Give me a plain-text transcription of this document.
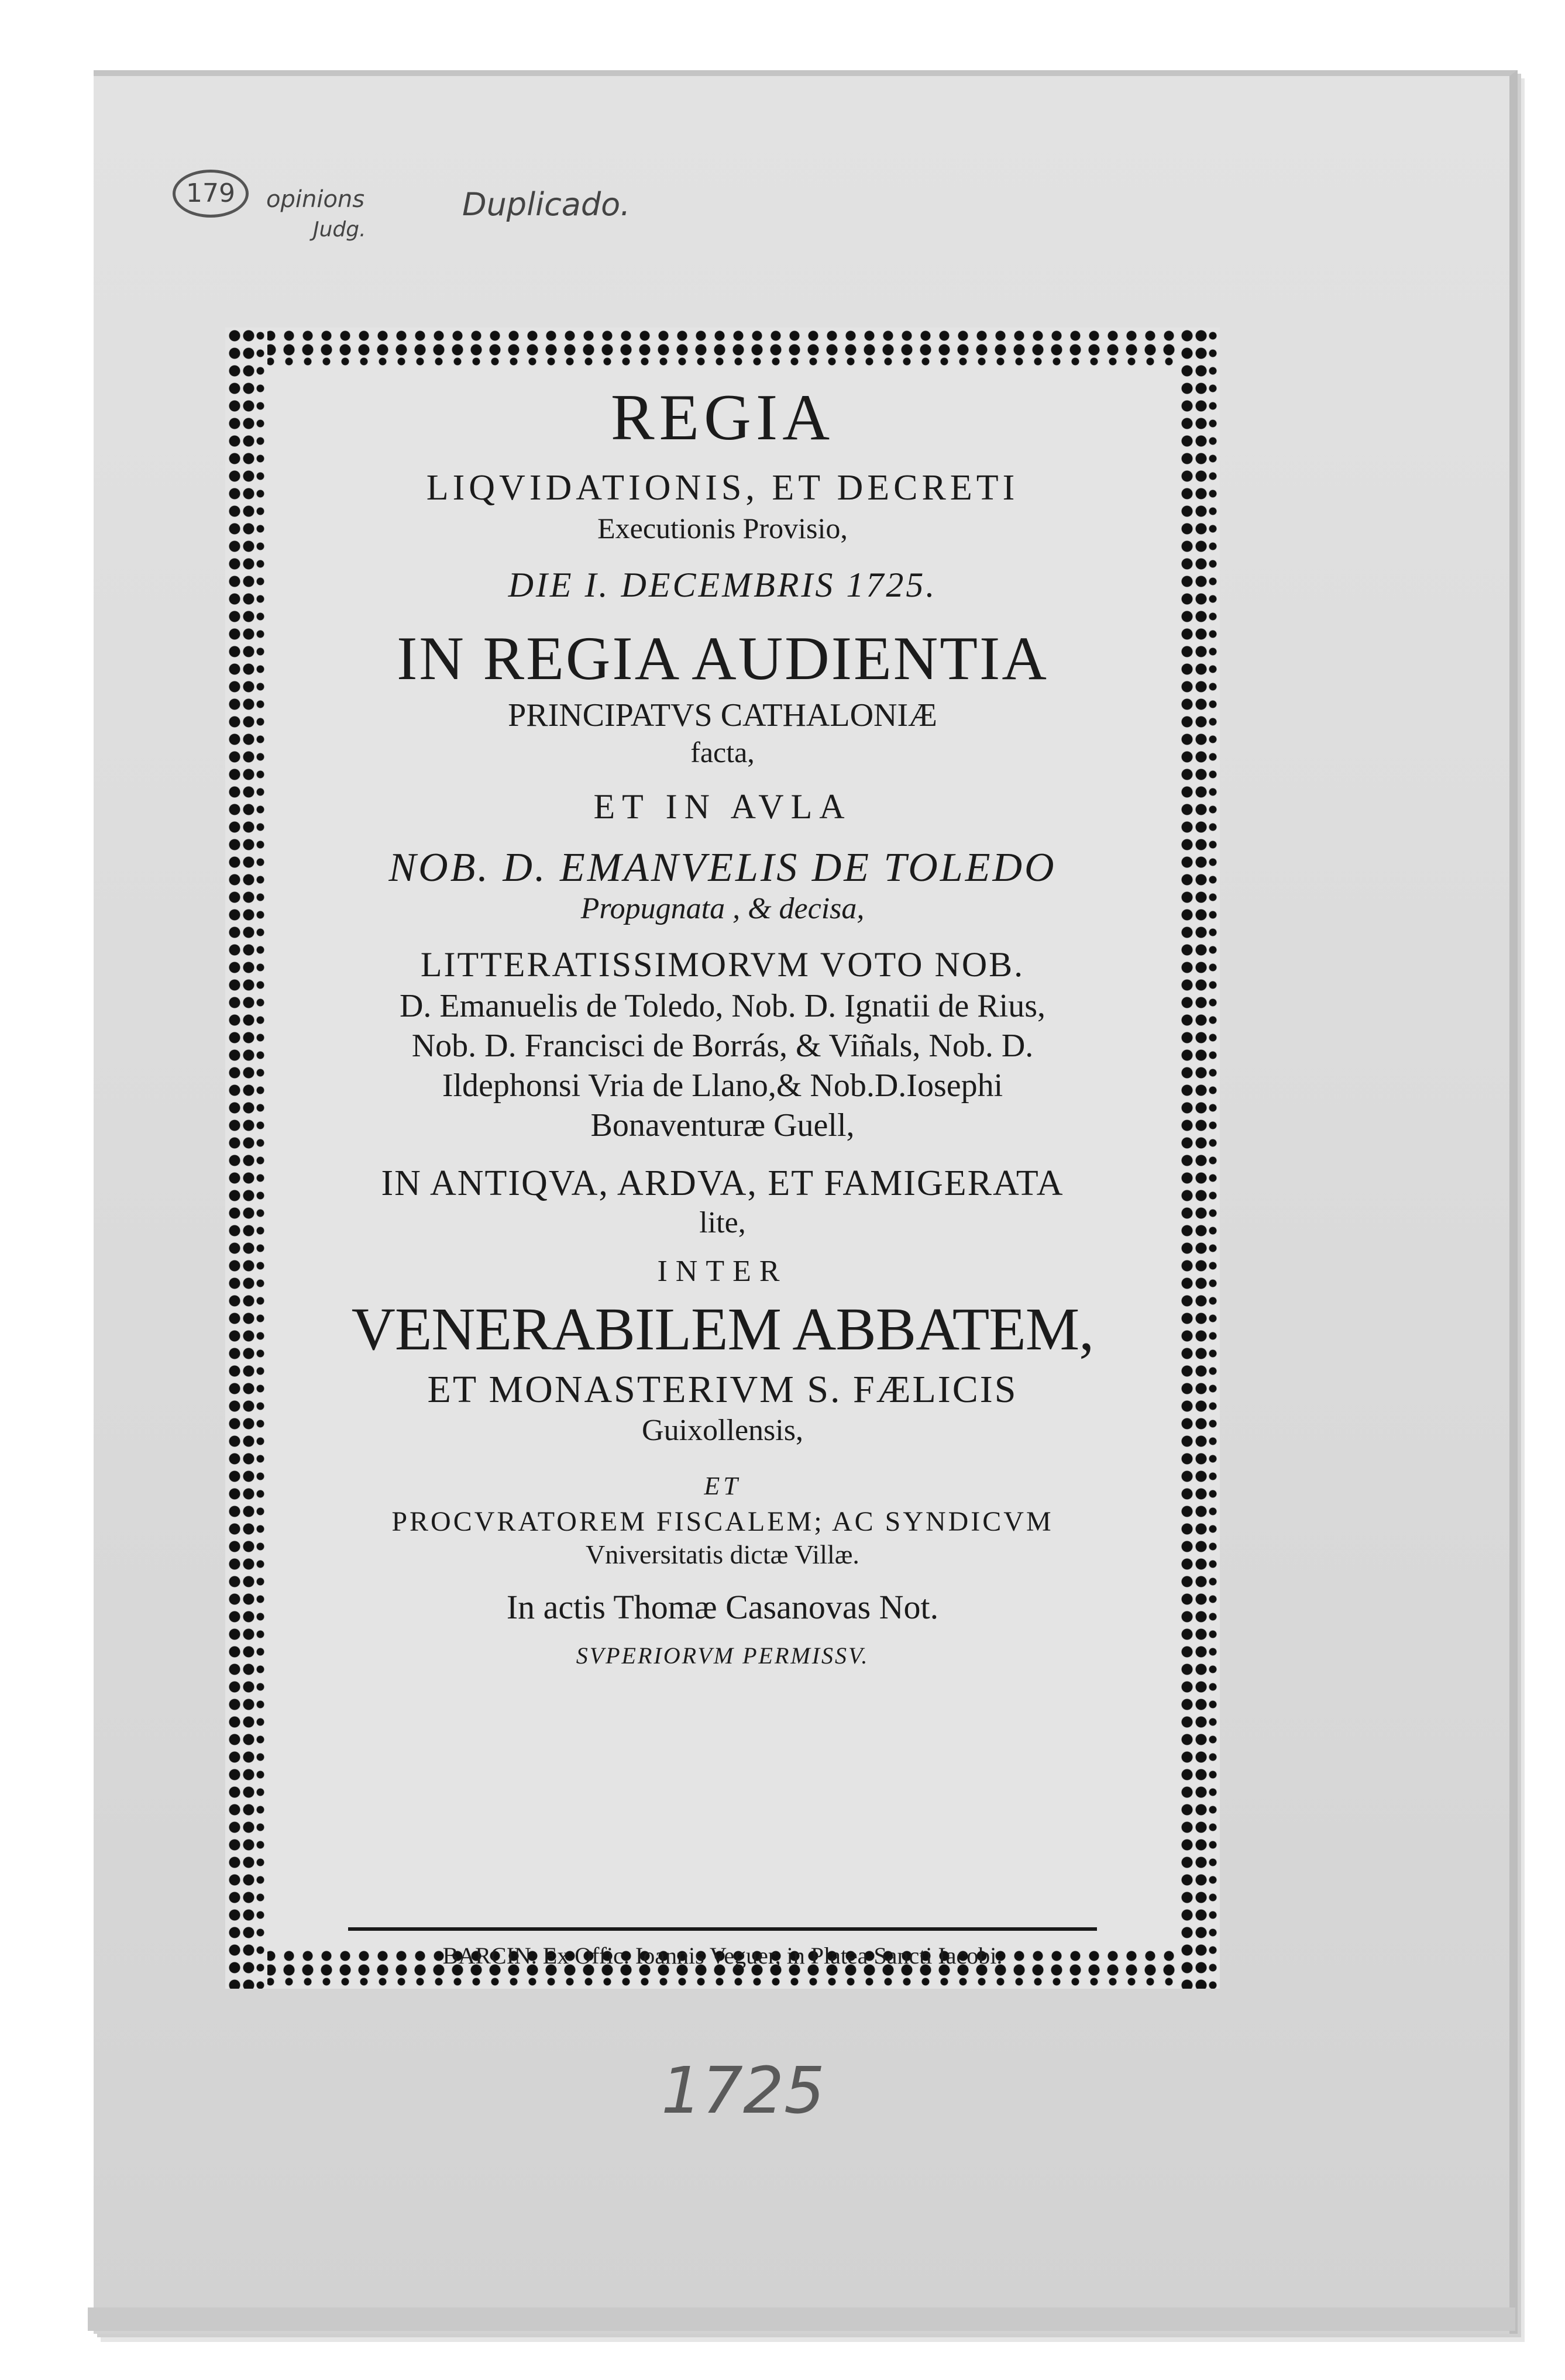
179	opinions
Judg.
Duplicado.
REGIA
LIQVIDATIONIS, ET DECRETI
Executionis Provisio,
DIE I. DECEMBRIS 1725.
IN REGIA AUDIENTIA
PRINCIPATVS CATHALONIÆ
facta,
ET IN AVLA
NOB. D. EMANVELIS DE TOLEDO
Propugnata , & decisa,
LITTERATISSIMORVM VOTO NOB.
D. Emanuelis de Toledo, Nob. D. Ignatii de Rius,
Nob. D. Francisci de Borrás, & Viñals, Nob. D.
Ildephonsi Vria de Llano,& Nob.D.Iosephi
Bonaventuræ Guell,
IN ANTIQVA, ARDVA, ET FAMIGERATA
lite,
INTER
VENERABILEM ABBATEM,
ET MONASTERIVM S. FÆLICIS
Guixollensis,
ET
PROCVRATOREM FISCALEM; AC SYNDICVM
Vniversitatis dictæ Villæ.
In actis Thomæ Casanovas Not.
SVPERIORVM PERMISSV.
BARCIN. Ex Offic. Ioannis Veguer, in Platea Sancti Iacobi.
1725
